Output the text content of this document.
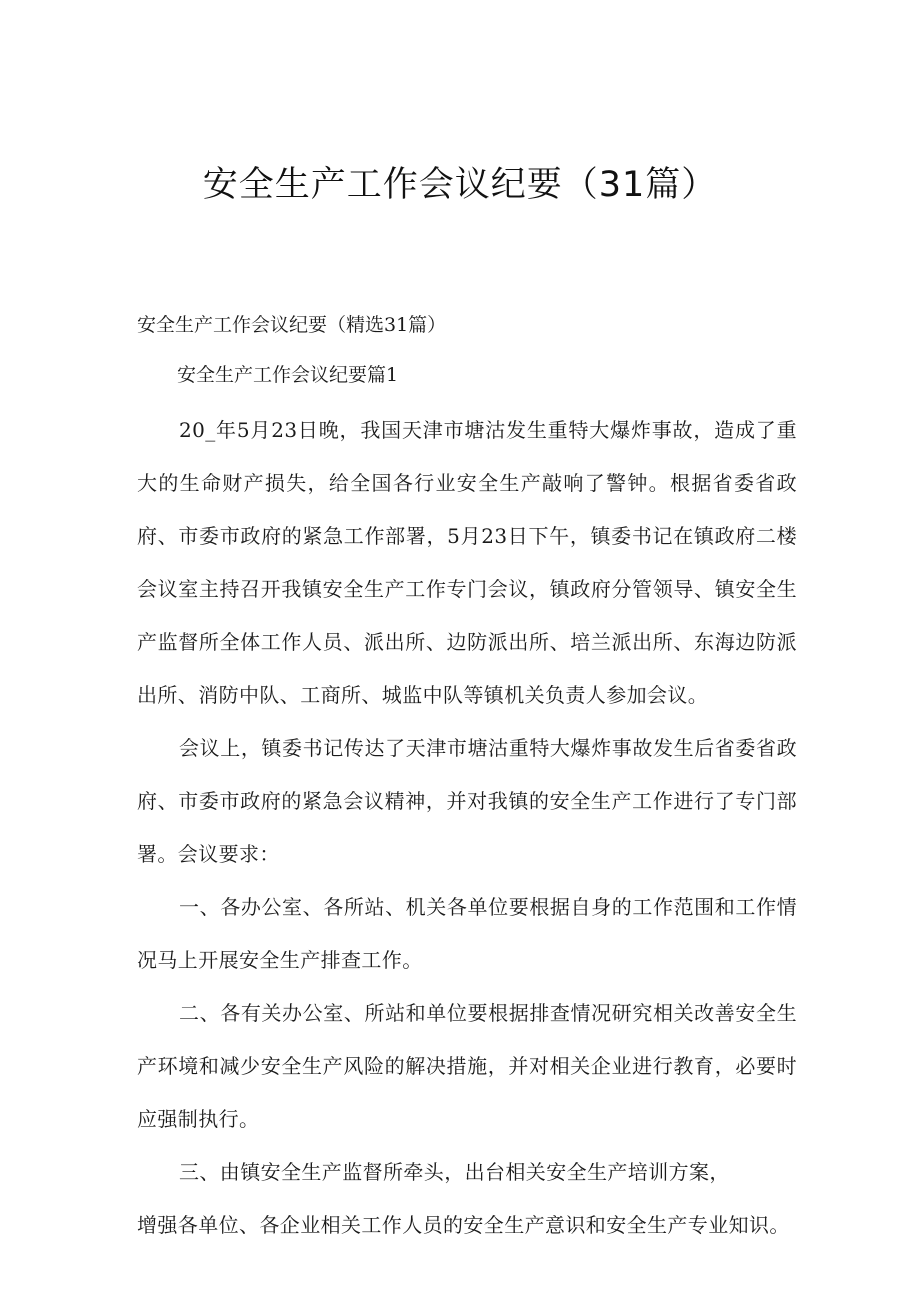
安全生产工作会议纪要（31篇）
安全生产工作会议纪要（精选31篇）
安全生产工作会议纪要篇1

20_年5月23日晚，我国天津市塘沽发生重特大爆炸事故，造成了重大的生命财产损失，给全国各行业安全生产敲响了警钟。根据省委省政府、市委市政府的紧急工作部署，5月23日下午，镇委书记在镇政府二楼会议室主持召开我镇安全生产工作专门会议，镇政府分管领导、镇安全生产监督所全体工作人员、派出所、边防派出所、培兰派出所、东海边防派出所、消防中队、工商所、城监中队等镇机关负责人参加会议。

会议上，镇委书记传达了天津市塘沽重特大爆炸事故发生后省委省政府、市委市政府的紧急会议精神，并对我镇的安全生产工作进行了专门部署。会议要求：

一、各办公室、各所站、机关各单位要根据自身的工作范围和工作情况马上开展安全生产排查工作。

二、各有关办公室、所站和单位要根据排查情况研究相关改善安全生产环境和减少安全生产风险的解决措施，并对相关企业进行教育，必要时应强制执行。

三、由镇安全生产监督所牵头，出台相关安全生产培训方案，

增强各单位、各企业相关工作人员的安全生产意识和安全生产专业知识。
